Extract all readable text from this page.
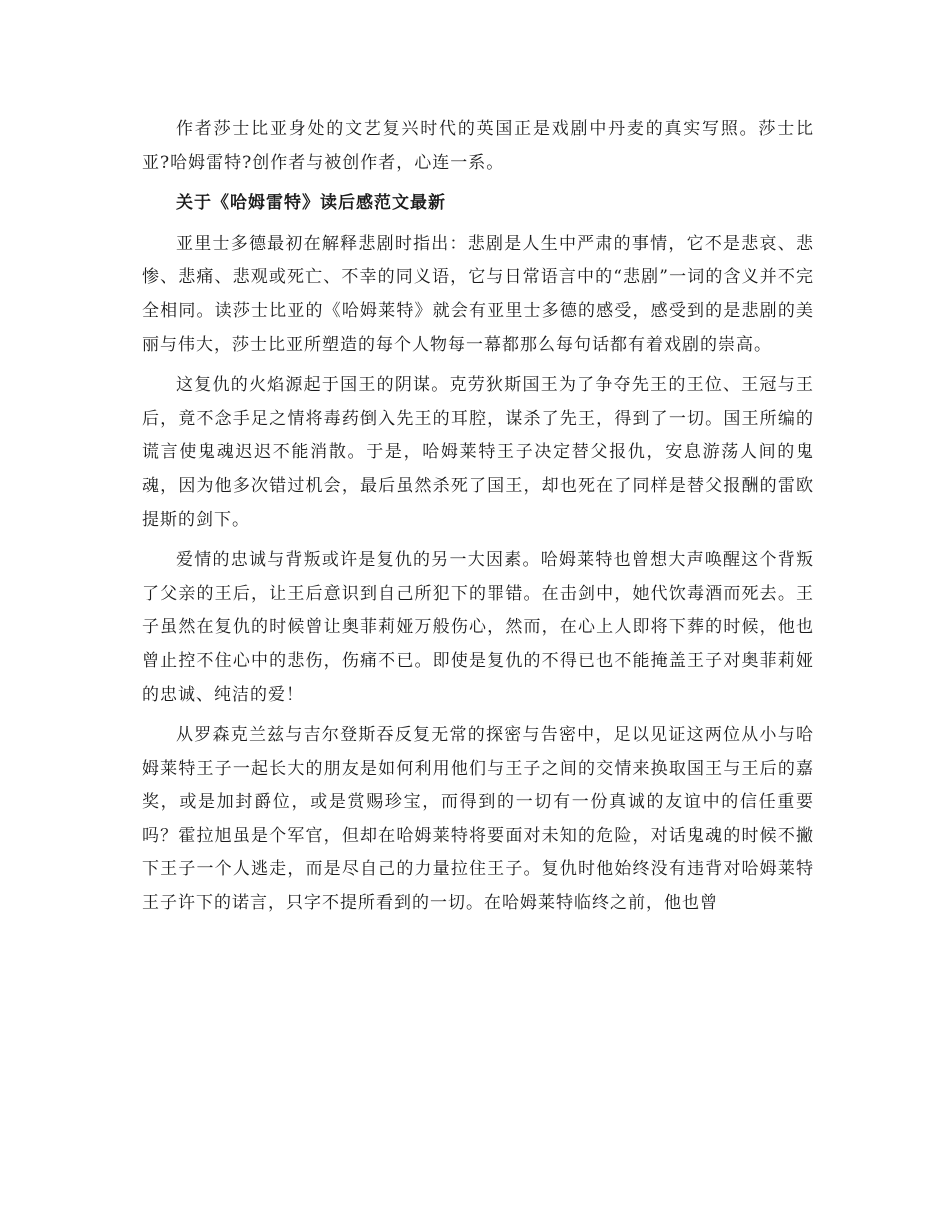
作者莎士比亚身处的文艺复兴时代的英国正是戏剧中丹麦的真实写照。莎士比亚?哈姆雷特?创作者与被创作者，心连一系。

关于《哈姆雷特》读后感范文最新

亚里士多德最初在解释悲剧时指出：悲剧是人生中严肃的事情，它不是悲哀、悲惨、悲痛、悲观或死亡、不幸的同义语，它与日常语言中的“悲剧”一词的含义并不完全相同。读莎士比亚的《哈姆莱特》就会有亚里士多德的感受，感受到的是悲剧的美丽与伟大，莎士比亚所塑造的每个人物每一幕都那么每句话都有着戏剧的崇高。

这复仇的火焰源起于国王的阴谋。克劳狄斯国王为了争夺先王的王位、王冠与王后，竟不念手足之情将毒药倒入先王的耳腔，谋杀了先王，得到了一切。国王所编的谎言使鬼魂迟迟不能消散。于是，哈姆莱特王子决定替父报仇，安息游荡人间的鬼魂，因为他多次错过机会，最后虽然杀死了国王，却也死在了同样是替父报酬的雷欧提斯的剑下。

爱情的忠诚与背叛或许是复仇的另一大因素。哈姆莱特也曾想大声唤醒这个背叛了父亲的王后，让王后意识到自己所犯下的罪错。在击剑中，她代饮毒酒而死去。王子虽然在复仇的时候曾让奥菲莉娅万般伤心，然而，在心上人即将下葬的时候，他也曾止控不住心中的悲伤，伤痛不已。即使是复仇的不得已也不能掩盖王子对奥菲莉娅的忠诚、纯洁的爱！

从罗森克兰兹与吉尔登斯吞反复无常的探密与告密中，足以见证这两位从小与哈姆莱特王子一起长大的朋友是如何利用他们与王子之间的交情来换取国王与王后的嘉奖，或是加封爵位，或是赏赐珍宝，而得到的一切有一份真诚的友谊中的信任重要吗？霍拉旭虽是个军官，但却在哈姆莱特将要面对未知的危险，对话鬼魂的时候不撇下王子一个人逃走，而是尽自己的力量拉住王子。复仇时他始终没有违背对哈姆莱特王子许下的诺言，只字不提所看到的一切。在哈姆莱特临终之前，他也曾
